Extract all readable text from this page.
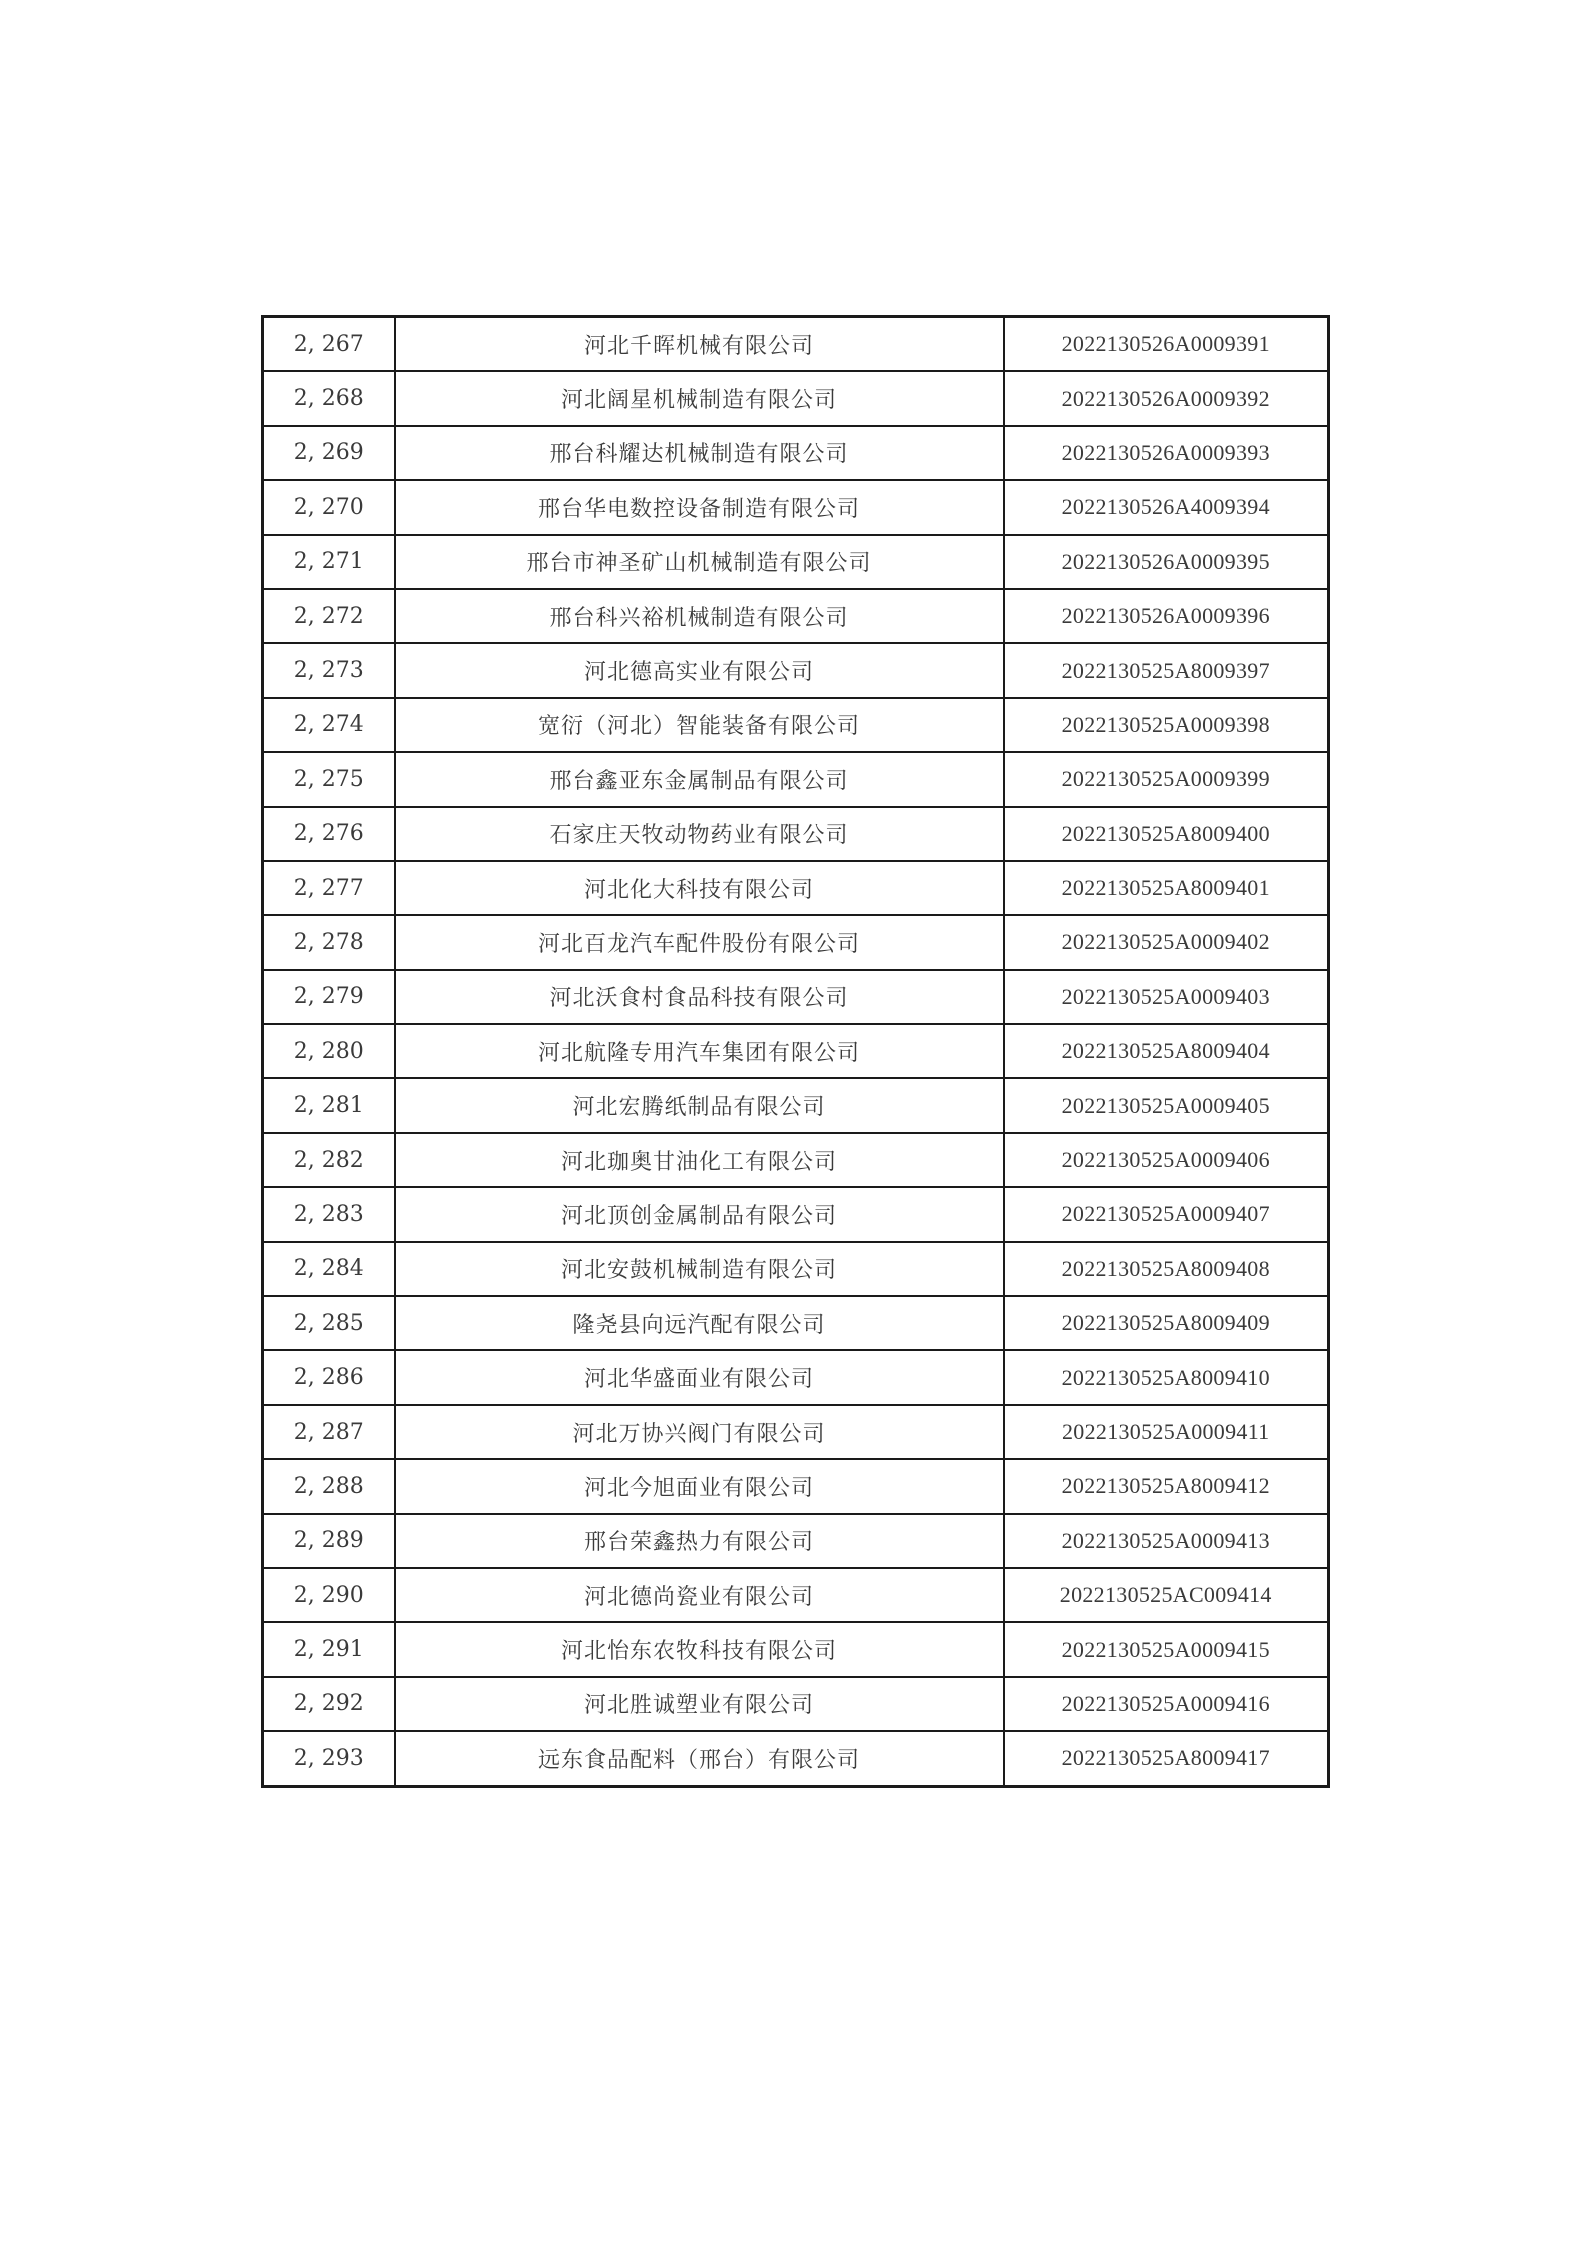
2, 267	河北千晖机械有限公司	2022130526A0009391
2, 268	河北阔星机械制造有限公司	2022130526A0009392
2, 269	邢台科耀达机械制造有限公司	2022130526A0009393
2, 270	邢台华电数控设备制造有限公司	2022130526A4009394
2, 271	邢台市神圣矿山机械制造有限公司	2022130526A0009395
2, 272	邢台科兴裕机械制造有限公司	2022130526A0009396
2, 273	河北德高实业有限公司	2022130525A8009397
2, 274	宽衍（河北）智能装备有限公司	2022130525A0009398
2, 275	邢台鑫亚东金属制品有限公司	2022130525A0009399
2, 276	石家庄天牧动物药业有限公司	2022130525A8009400
2, 277	河北化大科技有限公司	2022130525A8009401
2, 278	河北百龙汽车配件股份有限公司	2022130525A0009402
2, 279	河北沃食村食品科技有限公司	2022130525A0009403
2, 280	河北航隆专用汽车集团有限公司	2022130525A8009404
2, 281	河北宏腾纸制品有限公司	2022130525A0009405
2, 282	河北珈奥甘油化工有限公司	2022130525A0009406
2, 283	河北顶创金属制品有限公司	2022130525A0009407
2, 284	河北安鼓机械制造有限公司	2022130525A8009408
2, 285	隆尧县向远汽配有限公司	2022130525A8009409
2, 286	河北华盛面业有限公司	2022130525A8009410
2, 287	河北万协兴阀门有限公司	2022130525A0009411
2, 288	河北今旭面业有限公司	2022130525A8009412
2, 289	邢台荣鑫热力有限公司	2022130525A0009413
2, 290	河北德尚瓷业有限公司	2022130525AC009414
2, 291	河北怡东农牧科技有限公司	2022130525A0009415
2, 292	河北胜诚塑业有限公司	2022130525A0009416
2, 293	远东食品配料（邢台）有限公司	2022130525A8009417
